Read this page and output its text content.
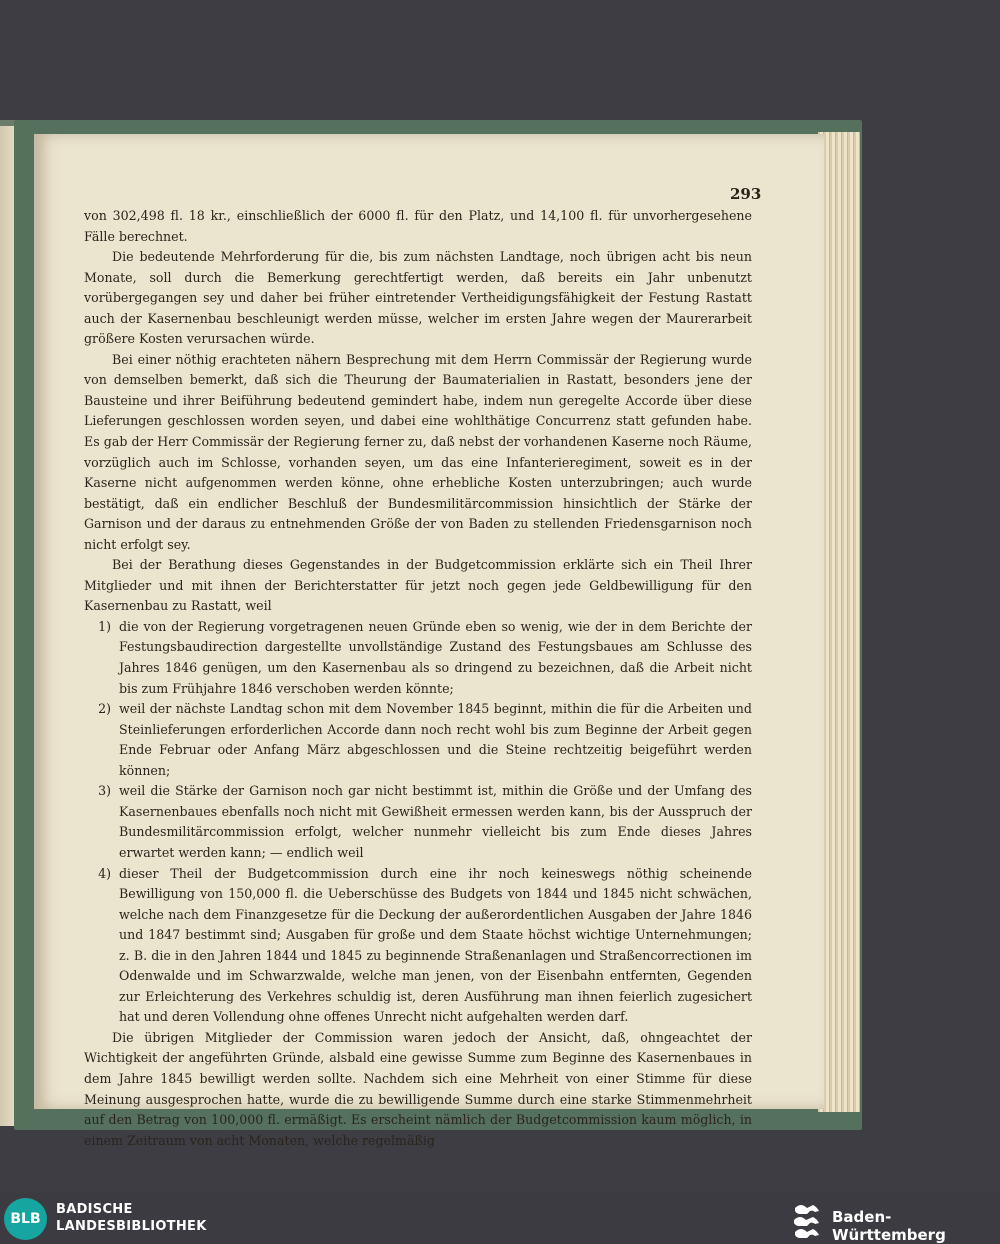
293

von 302,498 fl. 18 kr., einschließlich der 6000 fl. für den Platz, und 14,100 fl. für unvorhergesehene Fälle berechnet.

Die bedeutende Mehrforderung für die, bis zum nächsten Landtage, noch übrigen acht bis neun Monate, soll durch die Bemerkung gerechtfertigt werden, daß bereits ein Jahr unbenutzt vorübergegangen sey und daher bei früher eintretender Vertheidigungsfähigkeit der Festung Rastatt auch der Kasernenbau beschleunigt werden müsse, welcher im ersten Jahre wegen der Maurerarbeit größere Kosten verursachen würde.

Bei einer nöthig erachteten nähern Besprechung mit dem Herrn Commissär der Regierung wurde von demselben bemerkt, daß sich die Theurung der Baumaterialien in Rastatt, besonders jene der Bausteine und ihrer Beiführung bedeutend gemindert habe, indem nun geregelte Accorde über diese Lieferungen geschlossen worden seyen, und dabei eine wohlthätige Concurrenz statt gefunden habe. Es gab der Herr Commissär der Regierung ferner zu, daß nebst der vorhandenen Kaserne noch Räume, vorzüglich auch im Schlosse, vorhanden seyen, um das eine Infanterieregiment, soweit es in der Kaserne nicht aufgenommen werden könne, ohne erhebliche Kosten unterzubringen; auch wurde bestätigt, daß ein endlicher Beschluß der Bundesmilitärcommission hinsichtlich der Stärke der Garnison und der daraus zu entnehmenden Größe der von Baden zu stellenden Friedensgarnison noch nicht erfolgt sey.

Bei der Berathung dieses Gegenstandes in der Budgetcommission erklärte sich ein Theil Ihrer Mitglieder und mit ihnen der Berichterstatter für jetzt noch gegen jede Geldbewilligung für den Kasernenbau zu Rastatt, weil

1) die von der Regierung vorgetragenen neuen Gründe eben so wenig, wie der in dem Berichte der Festungsbaudirection dargestellte unvollständige Zustand des Festungsbaues am Schlusse des Jahres 1846 genügen, um den Kasernenbau als so dringend zu bezeichnen, daß die Arbeit nicht bis zum Frühjahre 1846 verschoben werden könnte;

2) weil der nächste Landtag schon mit dem November 1845 beginnt, mithin die für die Arbeiten und Steinlieferungen erforderlichen Accorde dann noch recht wohl bis zum Beginne der Arbeit gegen Ende Februar oder Anfang März abgeschlossen und die Steine rechtzeitig beigeführt werden können;

3) weil die Stärke der Garnison noch gar nicht bestimmt ist, mithin die Größe und der Umfang des Kasernenbaues ebenfalls noch nicht mit Gewißheit ermessen werden kann, bis der Ausspruch der Bundesmilitärcommission erfolgt, welcher nunmehr vielleicht bis zum Ende dieses Jahres erwartet werden kann; — endlich weil

4) dieser Theil der Budgetcommission durch eine ihr noch keineswegs nöthig scheinende Bewilligung von 150,000 fl. die Ueberschüsse des Budgets von 1844 und 1845 nicht schwächen, welche nach dem Finanzgesetze für die Deckung der außerordentlichen Ausgaben der Jahre 1846 und 1847 bestimmt sind; Ausgaben für große und dem Staate höchst wichtige Unternehmungen; z. B. die in den Jahren 1844 und 1845 zu beginnende Straßenanlagen und Straßencorrectionen im Odenwalde und im Schwarzwalde, welche man jenen, von der Eisenbahn entfernten, Gegenden zur Erleichterung des Verkehres schuldig ist, deren Ausführung man ihnen feierlich zugesichert hat und deren Vollendung ohne offenes Unrecht nicht aufgehalten werden darf.

Die übrigen Mitglieder der Commission waren jedoch der Ansicht, daß, ohngeachtet der Wichtigkeit der angeführten Gründe, alsbald eine gewisse Summe zum Beginne des Kasernenbaues in dem Jahre 1845 bewilligt werden sollte. Nachdem sich eine Mehrheit von einer Stimme für diese Meinung ausgesprochen hatte, wurde die zu bewilligende Summe durch eine starke Stimmenmehrheit auf den Betrag von 100,000 fl. ermäßigt. Es erscheint nämlich der Budgetcommission kaum möglich, in einem Zeitraum von acht Monaten, welche regelmäßig

BLB

BADISCHE
LANDESBIBLIOTHEK

Baden-Württemberg
